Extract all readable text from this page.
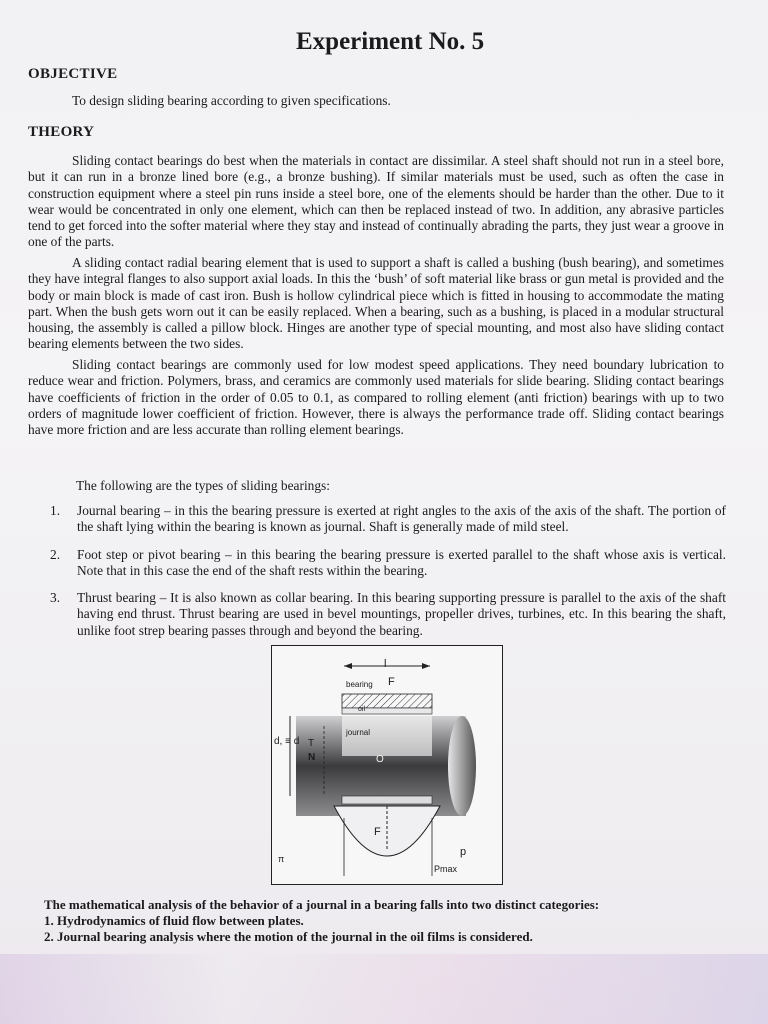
Experiment No. 5
OBJECTIVE
To design sliding bearing according to given specifications.
THEORY
Sliding contact bearings do best when the materials in contact are dissimilar. A steel shaft should not run in a steel bore, but it can run in a bronze lined bore (e.g., a bronze bushing). If similar materials must be used, such as often the case in construction equipment where a steel pin runs inside a steel bore, one of the elements should be harder than the other. Due to it wear would be concentrated in only one element, which can then be replaced instead of two. In addition, any abrasive particles tend to get forced into the softer material where they stay and instead of continually abrading the parts, they just wear a groove in one of the parts.
A sliding contact radial bearing element that is used to support a shaft is called a bushing (bush bearing), and sometimes they have integral flanges to also support axial loads. In this the ‘bush’ of soft material like brass or gun metal is provided and the body or main block is made of cast iron. Bush is hollow cylindrical piece which is fitted in housing to accommodate the mating part. When the bush gets worn out it can be easily replaced. When a bearing, such as a bushing, is placed in a modular structural housing, the assembly is called a pillow block. Hinges are another type of special mounting, and most also have sliding contact bearing elements between the two sides.
Sliding contact bearings are commonly used for low modest speed applications. They need boundary lubrication to reduce wear and friction. Polymers, brass, and ceramics are commonly used materials for slide bearing. Sliding contact bearings have coefficients of friction in the order of 0.05 to 0.1, as compared to rolling element (anti friction) bearings with up to two orders of magnitude lower coefficient of friction. However, there is always the performance trade off. Sliding contact bearings have more friction and are less accurate than rolling element bearings.
The following are the types of sliding bearings:
1. Journal bearing – in this the bearing pressure is exerted at right angles to the axis of the axis of the shaft. The portion of the shaft lying within the bearing is known as journal. Shaft is generally made of mild steel.
2. Foot step or pivot bearing – in this bearing the bearing pressure is exerted parallel to the shaft whose axis is vertical. Note that in this case the end of the shaft rests within the bearing.
3. Thrust bearing – It is also known as collar bearing. In this bearing supporting pressure is parallel to the axis of the shaft having end thrust. Thrust bearing are used in bevel mountings, propeller drives, turbines, etc. In this bearing the shaft, unlike foot strep bearing passes through and beyond the bearing.
l
bearing F
oil
journal
d, ≡ d
N
T
O
F
π
p
Pmax
The mathematical analysis of the behavior of a journal in a bearing falls into two distinct categories:
1. Hydrodynamics of fluid flow between plates.
2. Journal bearing analysis where the motion of the journal in the oil films is considered.
